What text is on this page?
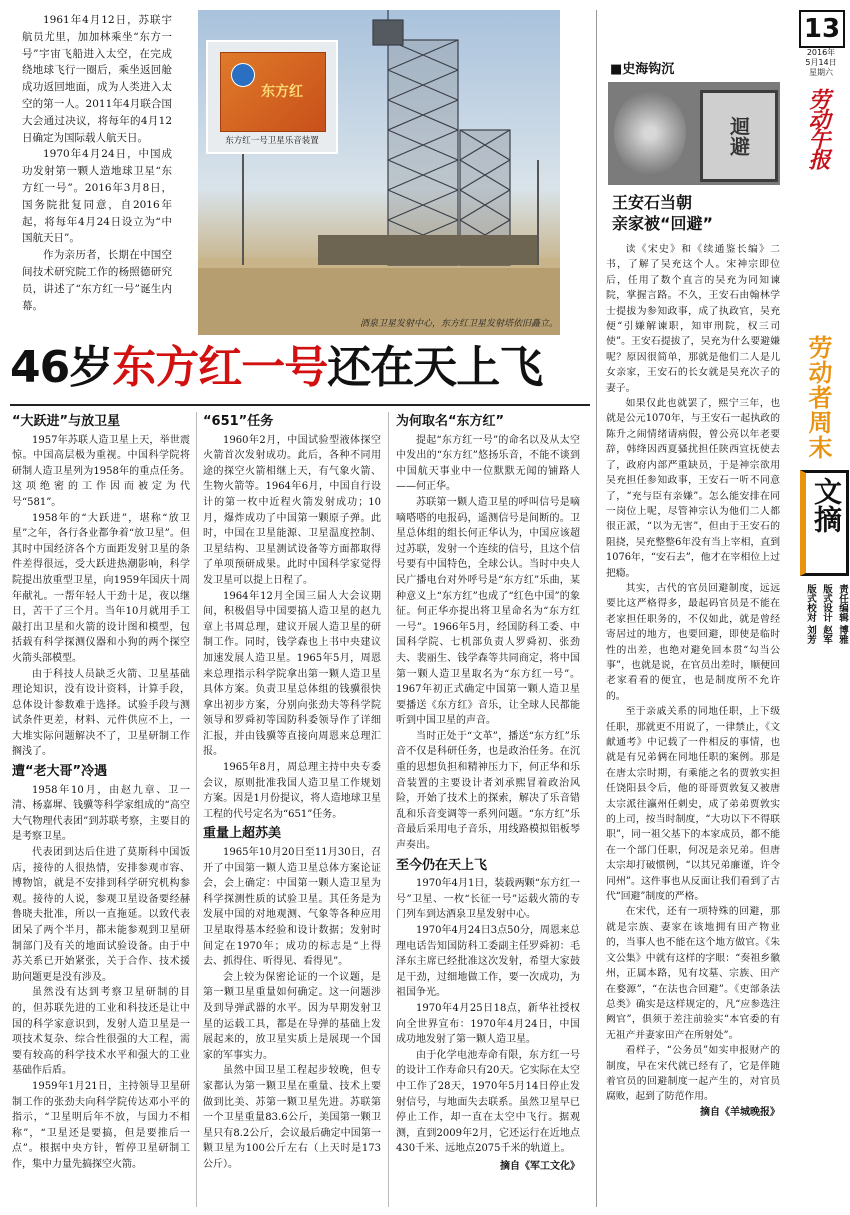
1961年4月12日，苏联宇航员尤里，加加林乘坐“东方一号”宇宙飞船进入太空，在完成绕地球飞行一圈后，乘坐返回舱成功返回地面，成为人类进入太空的第一人。2011年4月联合国大会通过决议，将每年的4月12日确定为国际载人航天日。

1970年4月24日，中国成功发射第一颗人造地球卫星“东方红一号”。2016年3月8日，国务院批复同意，自2016年起，将每年4月24日设立为“中国航天日”。

作为亲历者，长期在中国空间技术研究院工作的杨照德研究员，讲述了“东方红一号”诞生内幕。

东方红
东方红一号卫星乐音装置
酒泉卫星发射中心，东方红卫星发射塔依旧矗立。
46岁东方红一号还在天上飞
“大跃进”与放卫星

1957年苏联人造卫星上天，举世震惊。中国高层极为重视。中国科学院将研制人造卫星列为1958年的重点任务。这项绝密的工作因而被定为代号“581”。

1958年的“大跃进”，堪称“放卫星”之年，各行各业都争着“放卫星”。但其时中国经济各个方面距发射卫星的条件差得很远，受大跃进热潮影响，科学院提出放重型卫星，向1959年国庆十周年献礼。一帮年轻人干劲十足，夜以继日，苦干了三个月。当年10月就用手工敲打出卫星和火箭的设计图和模型，包括载有科学探测仪器和小狗的两个探空火箭头部模型。

由于科技人员缺乏火箭、卫星基础理论知识，没有设计资料，计算手段，总体设计参数难于选择。试验手段与测试条件更差，材料、元件供应不上，一大堆实际问题解决不了，卫星研制工作搁浅了。

遭“老大哥”冷遇

1958年10月，由赵九章、卫一清、杨嘉墀、钱骥等科学家组成的“高空大气物理代表团”到苏联考察，主要目的是考察卫星。

代表团到达后住进了莫斯科中国饭店，接待的人很热情，安排参观市容、博物馆，就是不安排到科学研究机构参观。接待的人说，参观卫星设备要经赫鲁晓夫批准，所以一直拖延。以致代表团呆了两个半月，都未能参观到卫星研制部门及有关的地面试验设备。由于中苏关系已开始紧张，关于合作、技术援助问题更是没有涉及。

虽然没有达到考察卫星研制的目的，但苏联先进的工业和科技还是让中国的科学家意识到，发射人造卫星是一项技术复杂、综合性很强的大工程，需要有较高的科学技术水平和强大的工业基础作后盾。

1959年1月21日，主持领导卫星研制工作的张劲夫向科学院传达邓小平的指示，“卫星明后年不放，与国力不相称”，“卫星还是要搞，但是要推后一点”。根据中央方针，暂停卫星研制工作，集中力量先搞探空火箭。

“651”任务

1960年2月，中国试验型液体探空火箭首次发射成功。此后，各种不同用途的探空火箭相继上天，有气象火箭、生物火箭等。1964年6月，中国自行设计的第一枚中近程火箭发射成功；10月，爆炸成功了中国第一颗原子弹。此时，中国在卫星能源、卫星温度控制、卫星结构、卫星测试设备等方面都取得了单项预研成果。此时中国科学家觉得发卫星可以提上日程了。

1964年12月全国三届人大会议期间，积极倡导中国要搞人造卫星的赵九章上书周总理，建议开展人造卫星的研制工作。同时，钱学森也上书中央建议加速发展人造卫星。1965年5月，周恩来总理指示科学院拿出第一颗人造卫星具体方案。负责卫星总体组的钱骥很快拿出初步方案，分别向张劲夫等科学院领导和罗舜初等国防科委领导作了详细汇报，并由钱骥等直接向周恩来总理汇报。

1965年8月，周总理主持中央专委会议，原则批准我国人造卫星工作规划方案。因是1月份提议，将人造地球卫星工程的代号定名为“651”任务。

重量上超苏美

1965年10月20日至11月30日，召开了中国第一颗人造卫星总体方案论证会，会上确定：中国第一颗人造卫星为科学探测性质的试验卫星。其任务是为发展中国的对地观测、气象等各种应用卫星取得基本经验和设计数据；发射时间定在1970年；成功的标志是“上得去、抓得住、听得见、看得见”。

会上较为保密论证的一个议题，是第一颗卫星重量如何确定。这一问题涉及到导弹武器的水平。因为早期发射卫星的运载工具，都是在导弹的基础上发展起来的，放卫星实质上是展现一个国家的军事实力。

虽然中国卫星工程起步较晚，但专家都认为第一颗卫星在重量、技术上要做到比美、苏第一颗卫星先进。苏联第一个卫星重量83.6公斤，美国第一颗卫星只有8.2公斤，会议最后确定中国第一颗卫星为100公斤左右（上天时是173公斤）。

为何取名“东方红”

提起“东方红一号”的命名以及从太空中发出的“东方红”悠扬乐音，不能不谈到中国航天事业中一位默默无闻的铺路人——何正华。

苏联第一颗人造卫星的呼叫信号是嘀嘀嗒嗒的电报码，遥测信号是间断的。卫星总体组的组长何正华认为，中国应该超过苏联，发射一个连续的信号，且这个信号要有中国特色，全球公认。当时中央人民广播电台对外呼号是“东方红”乐曲，某种意义上“东方红”也成了“红色中国”的象征。何正华亦提出将卫星命名为“东方红一号”。1966年5月，经国防科工委、中国科学院、七机部负责人罗舜初、张劲夫、裴丽生、钱学森等共同商定，将中国第一颗人造卫星取名为“东方红一号”。1967年初正式确定中国第一颗人造卫星要播送《东方红》音乐，让全球人民都能听到中国卫星的声音。

当时正处于“文革”，播送“东方红”乐音不仅是科研任务，也是政治任务。在沉重的思想负担和精神压力下，何正华和乐音装置的主要设计者刘承熙冒着政治风险，开始了技术上的探索，解决了乐音错乱和乐音变调等一系列问题。“东方红”乐音最后采用电子音乐，用线路模拟铝板琴声奏出。

至今仍在天上飞

1970年4月1日，装载两颗“东方红一号”卫星、一枚“长征一号”运载火箭的专门列车到达酒泉卫星发射中心。

1970年4月24日3点50分，周恩来总理电话告知国防科工委副主任罗舜初：毛泽东主席已经批准这次发射，希望大家鼓足干劲，过细地做工作，要一次成功，为祖国争光。

1970年4月25日18点，新华社授权向全世界宣布：1970年4月24日，中国成功地发射了第一颗人造卫星。

由于化学电池寿命有限，东方红一号的设计工作寿命只有20天。它实际在太空中工作了28天，1970年5月14日停止发射信号，与地面失去联系。虽然卫星早已停止工作，却一直在太空中飞行。据观测，直到2009年2月，它还运行在近地点430千米、远地点2075千米的轨道上。

摘自《军工文化》
■史海钩沉
迴避
王安石当朝
亲家被“回避”

读《宋史》和《续通鉴长编》二书，了解了吴充这个人。宋神宗即位后，任用了数个直言的吴充为同知谏院，掌握言路。不久，王安石由翰林学士提拔为参知政事，成了执政官，吴充便“引嫌解谏职，知审刑院，权三司使”。王安石提拔了，吴充为什么要避嫌呢？原因很简单，那就是他们二人是儿女亲家，王安石的长女就是吴充次子的妻子。

如果仅此也就罢了，熙宁三年，也就是公元1070年，与王安石一起执政的陈升之闹情绪请病假，曾公亮以年老要辞，韩绛因西夏骚扰担任陕西宣抚使去了，政府内部严重缺员，于是神宗欲用吴充担任参知政事，王安石一听不同意了，“充与臣有亲嫌”。怎么能安排在同一岗位上呢，尽管神宗认为他们二人都很正派，“以为无害”，但由于王安石的阻挠，吴充整整6年没有当上宰相，直到1076年，“安石去”，他才在宰相位上过把瘾。

其实，古代的官员回避制度，远远要比这严格得多，最起码官员是不能在老家担任职务的，不仅如此，就是曾经寄居过的地方，也要回避，即使是临时性的出差，也绝对避免回本贯“勾当公事”，也就是说，在官员出差时，顺便回老家看看的便宜，也是制度所不允许的。

至于亲戚关系的同地任职，上下级任职，那就更不用说了，一律禁止，《文献通考》中记载了一件相反的事情，也就是有兄弟俩在同地任职的案例。那是在唐太宗时期，有乘能之名的贾敦实担任饶阳县令后，他的哥哥贾敦复又被唐太宗派往瀛州任刺史，成了弟弟贾敦实的上司，按当时制度，“大功以下不得联职”，同一祖父基下的本家成员，都不能在一个部门任职，何况是亲兄弟。但唐太宗却打破惯例，“以其兄弟廉谨，许令同州”。这件事也从反面让我们看到了古代“回避”制度的严格。

在宋代，还有一项特殊的回避，那就是宗族、妻家在该地拥有田产物业的，当事人也不能在这个地方做官。《朱文公集》中就有这样的字眼：“奏祖乡徽州，正属本路，见有坟墓、宗族、田产在婺源”，“在法也合回避”。《吏部条法总类》确实是这样规定的，凡“应参选注阙官”，俱须于差注前验实“本官委的有无祖产并妻家田产在所射处”。

看样子，“公务员”如实申报财产的制度，早在宋代就已经有了，它是伴随着官员的回避制度一起产生的，对官员腐败，起到了防范作用。

摘自《羊城晚报》
13
2016年
5月14日
星期六
劳动午报
劳动者周末
文摘
责任编辑 博雅
版式设计 赵军
版式校对 刘芳
